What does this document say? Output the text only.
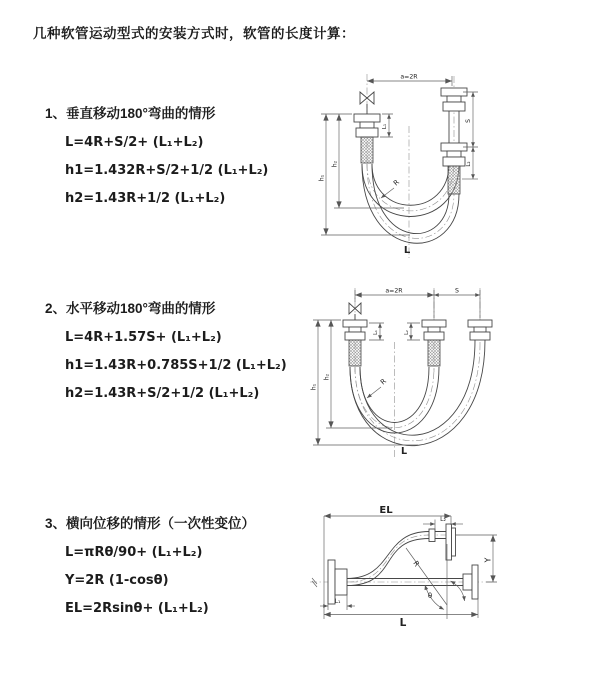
几种软管运动型式的安装方式时，软管的长度计算：
1、垂直移动180°弯曲的情形
L=4R+S/2+ (L₁+L₂)
h1=1.432R+S/2+1/2 (L₁+L₂)
h2=1.43R+1/2 (L₁+L₂)
a=2R
S
L₂
L₁
h₁
h₂
R
L
2、水平移动180°弯曲的情形
L=4R+1.57S+ (L₁+L₂)
h1=1.43R+0.785S+1/2 (L₁+L₂)
h2=1.43R+S/2+1/2 (L₁+L₂)
a=2R	S
h₁
h₂
L₁	L₂
R
L
3、横向位移的情形（一次性变位）
L=πRθ/90+ (L₁+L₂)
Y=2R (1-cosθ)
EL=2Rsinθ+ (L₁+L₂)
R
θ
EL
L₂
Y
L₁
L
